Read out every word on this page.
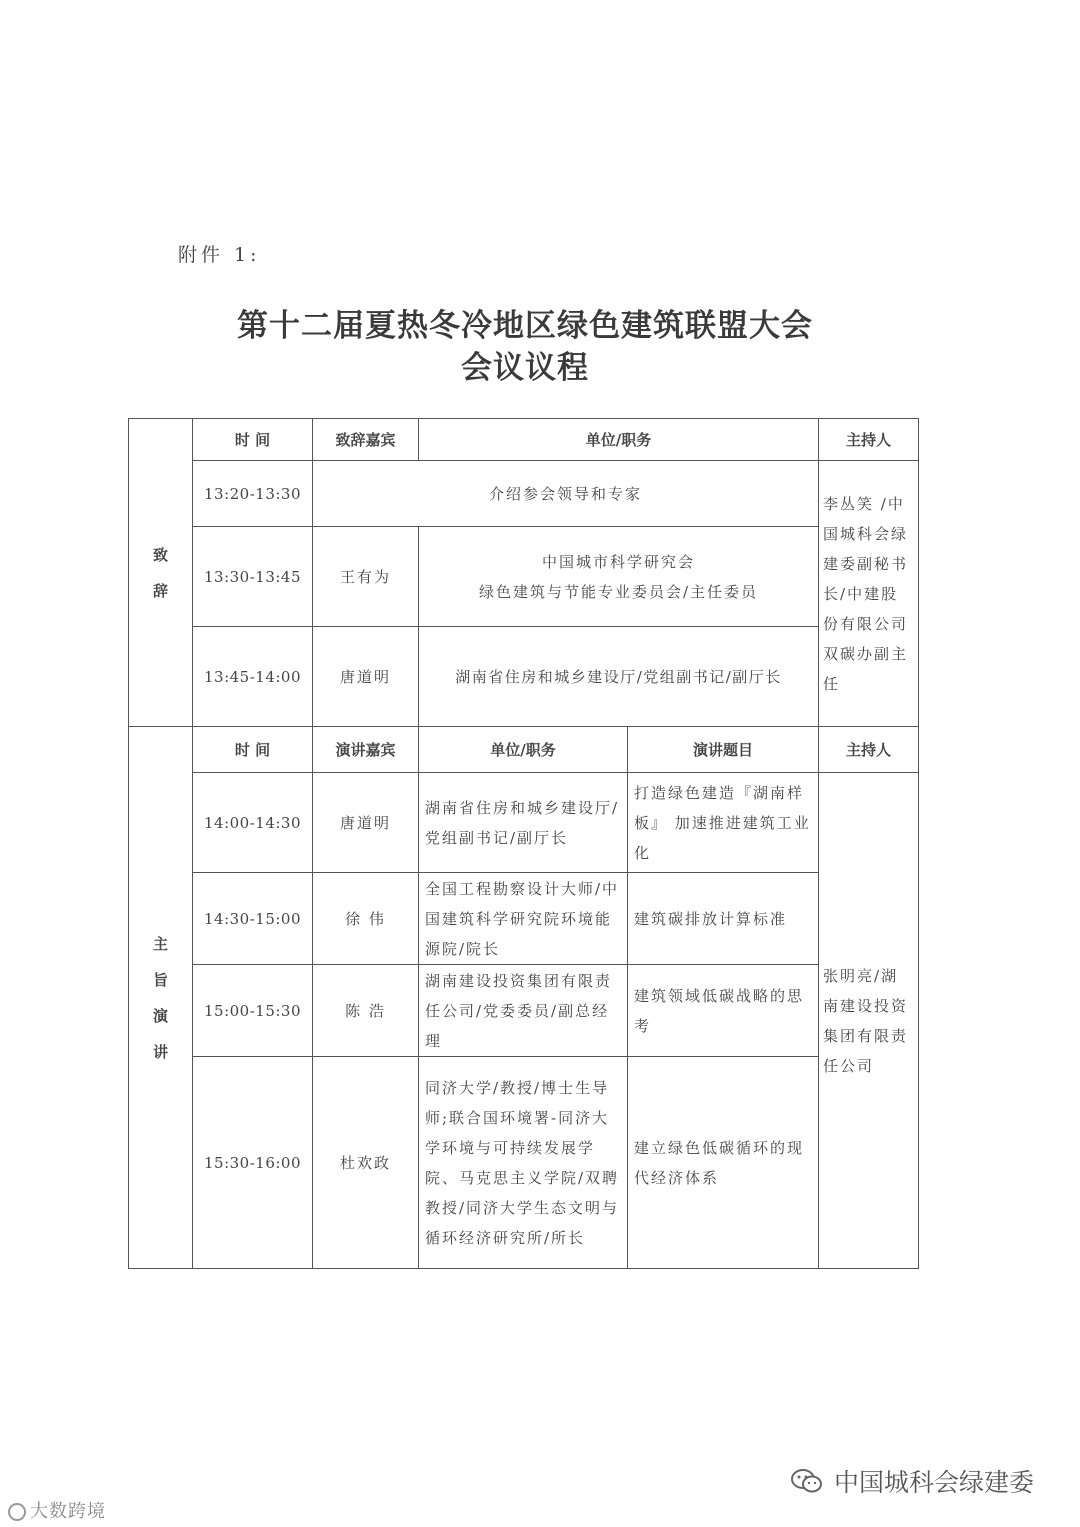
附件 1:
第十二届夏热冬冷地区绿色建筑联盟大会
会议议程
致
辞	时 间	致辞嘉宾	单位/职务		主持人
	13:20-13:30	介绍参会领导和专家			李丛笑 /中国城科会绿建委副秘书长/中建股份有限公司双碳办副主任
	13:30-13:45	王有为	中国城市科学研究会
绿色建筑与节能专业委员会/主任委员		

	13:45-14:00	唐道明	湖南省住房和城乡建设厅/党组副书记/副厅长		

主
旨
演
讲	时 间	演讲嘉宾	单位/职务	演讲题目	主持人
	14:00-14:30	唐道明	湖南省住房和城乡建设厅/党组副书记/副厅长	打造绿色建造『湖南样板』 加速推进建筑工业化	张明亮/湖南建设投资集团有限责任公司
	14:30-15:00	徐 伟	全国工程勘察设计大师/中国建筑科学研究院环境能源院/院长	建筑碳排放计算标准	
	15:00-15:30	陈 浩	湖南建设投资集团有限责任公司/党委委员/副总经理	建筑领域低碳战略的思考	
	15:30-16:00	杜欢政	同济大学/教授/博士生导师;联合国环境署-同济大学环境与可持续发展学院、马克思主义学院/双聘教授/同济大学生态文明与循环经济研究所/所长	建立绿色低碳循环的现代经济体系	
大数跨境
中国城科会绿建委
